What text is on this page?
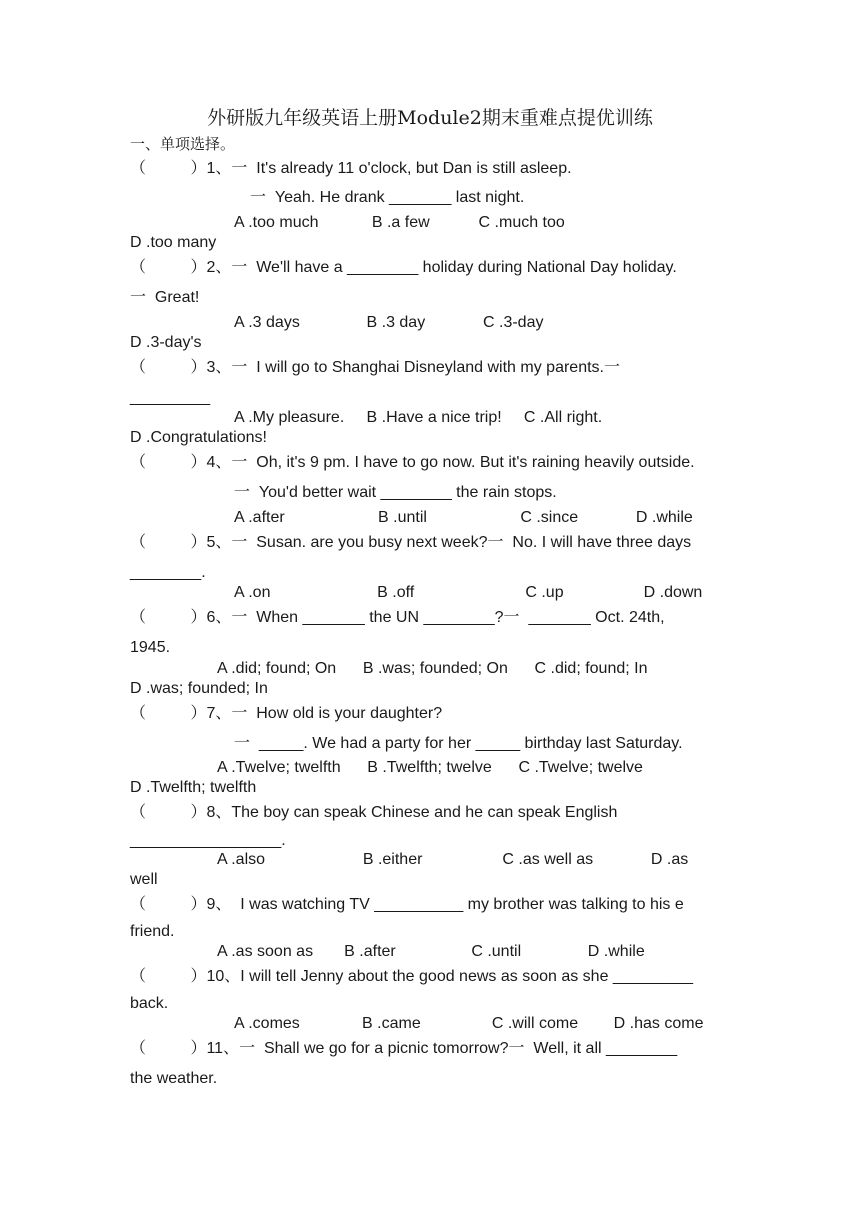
外研版九年级英语上册Module2期末重难点提优训练
一、单项选择。
（          ）1、一  It's already 11 o'clock, but Dan is still asleep.
一  Yeah. He drank _______ last night.
A .too much            B .a few           C .much too
D .too many
（          ）2、一  We'll have a ________ holiday during National Day holiday.
一  Great!
A .3 days               B .3 day             C .3-day
D .3-day's
（          ）3、一  I will go to Shanghai Disneyland with my parents.一
_________
A .My pleasure.     B .Have a nice trip!     C .All right.
D .Congratulations!
（          ）4、一  Oh, it's 9 pm. I have to go now. But it's raining heavily outside.
一  You'd better wait ________ the rain stops.
A .after                     B .until                     C .since             D .while
（          ）5、一  Susan. are you busy next week?一  No. I will have three days
________.
A .on                        B .off                         C .up                  D .down
（          ）6、一  When _______ the UN ________?一  _______ Oct. 24th,
1945.
A .did; found; On      B .was; founded; On      C .did; found; In
D .was; founded; In
（          ）7、一  How old is your daughter?
一  _____. We had a party for her _____ birthday last Saturday.
A .Twelve; twelfth      B .Twelfth; twelve      C .Twelve; twelve
D .Twelfth; twelfth
（          ）8、The boy can speak Chinese and he can speak English
_________________.
A .also                      B .either                  C .as well as             D .as
well
（          ）9、  I was watching TV __________ my brother was talking to his e
friend.
A .as soon as       B .after                 C .until               D .while
（          ）10、I will tell Jenny about the good news as soon as she _________
back.
A .comes              B .came                C .will come        D .has come
（          ）11、一  Shall we go for a picnic tomorrow?一  Well, it all ________
the weather.
